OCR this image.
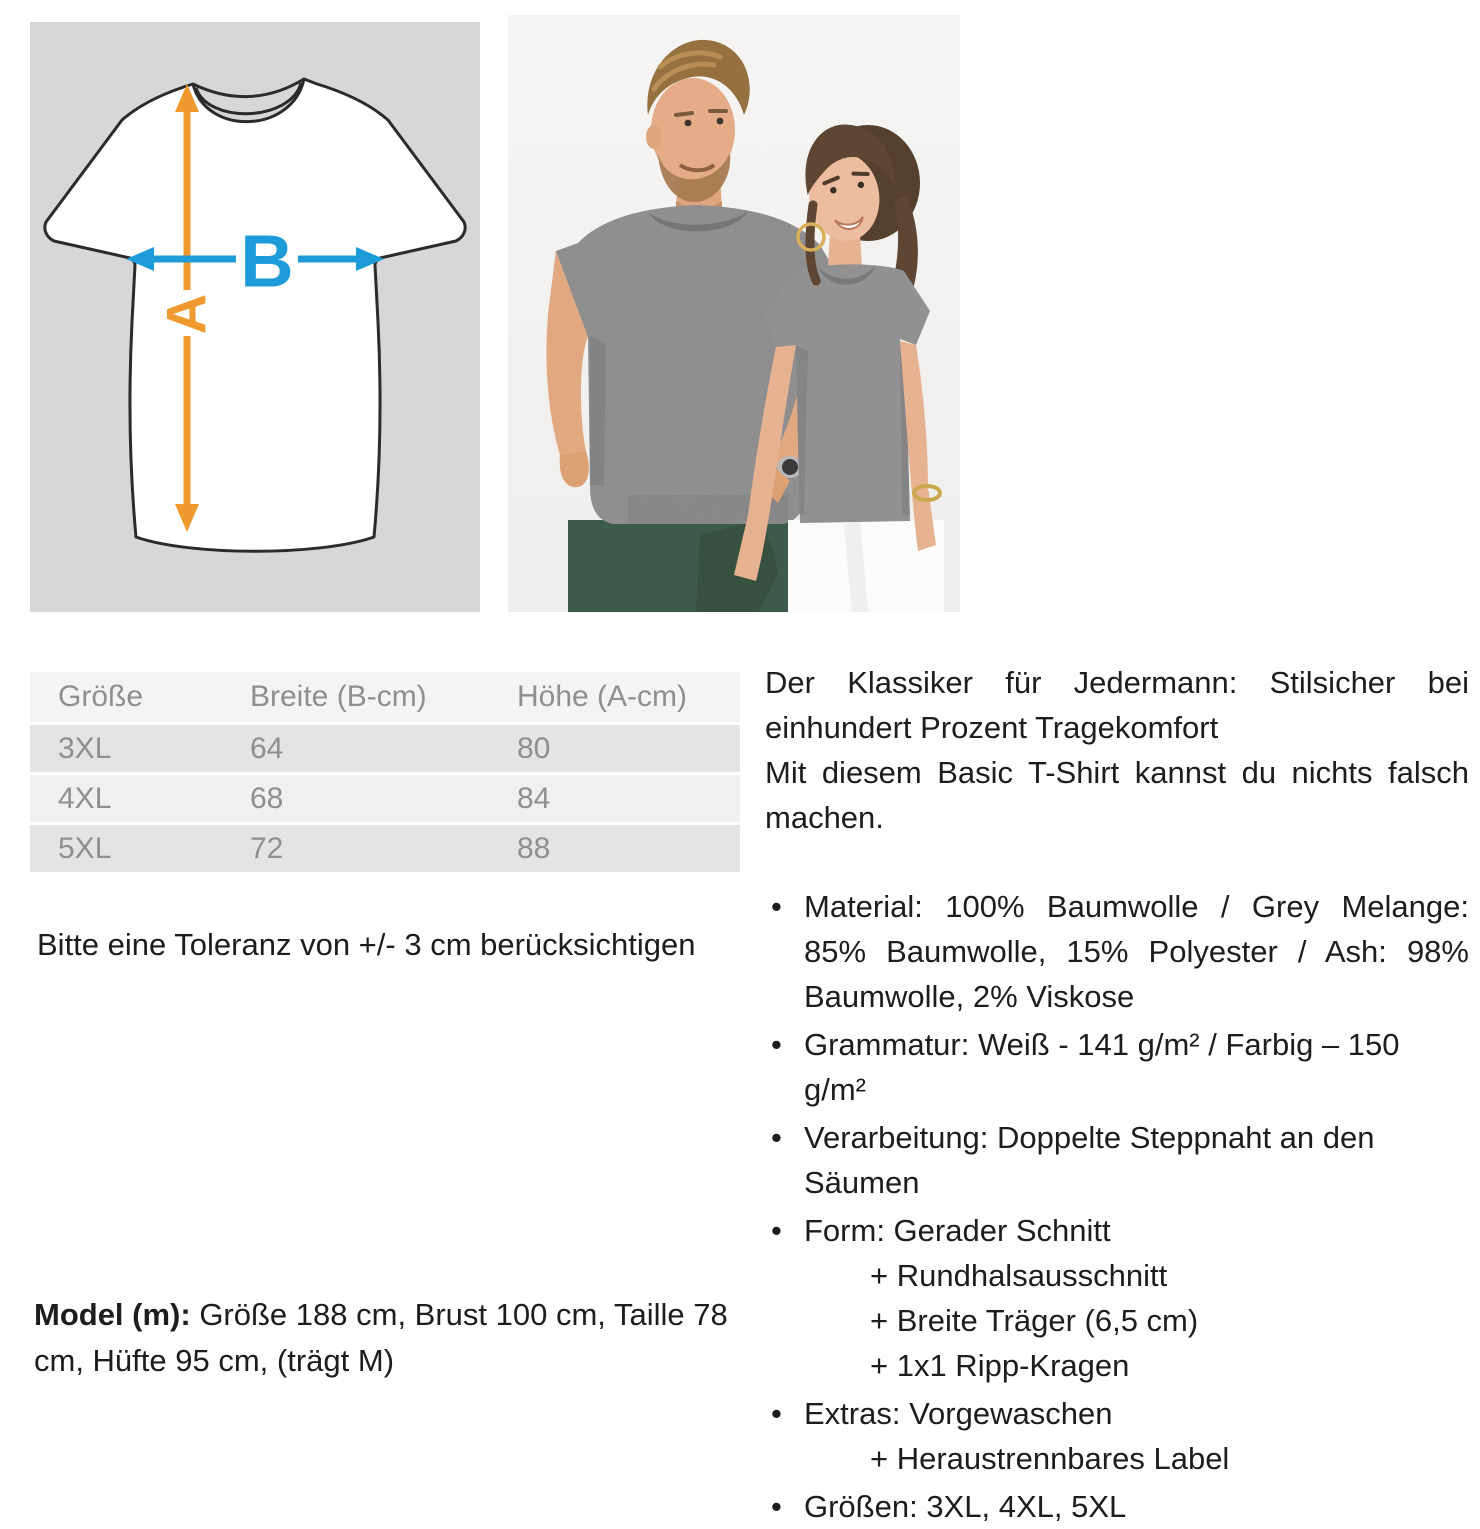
A
B
Größe	Breite (B-cm)	Höhe (A-cm)
3XL	64	80
4XL	68	84
5XL	72	88

Bitte eine Toleranz von +/- 3 cm berücksichtigen

Model (m): Größe 188 cm, Brust 100 cm, Taille 78 cm, Hüfte 95 cm, (trägt M)

Der Klassiker für Jedermann: Stilsicher bei einhundert Prozent Tragekomfort

Mit diesem Basic T-Shirt kannst du nichts falsch machen.

• Material: 100% Baumwolle / Grey Melange: 85% Baumwolle, 15% Polyester / Ash: 98% Baumwolle, 2% Viskose
• Grammatur: Weiß - 141 g/m² / Farbig – 150 g/m²
• Verarbeitung: Doppelte Steppnaht an den Säumen
• Form: Gerader Schnitt
+ Rundhalsausschnitt
+ Breite Träger (6,5 cm)
+ 1x1 Ripp-Kragen
• Extras: Vorgewaschen
+ Heraustrennbares Label
• Größen: 3XL, 4XL, 5XL
